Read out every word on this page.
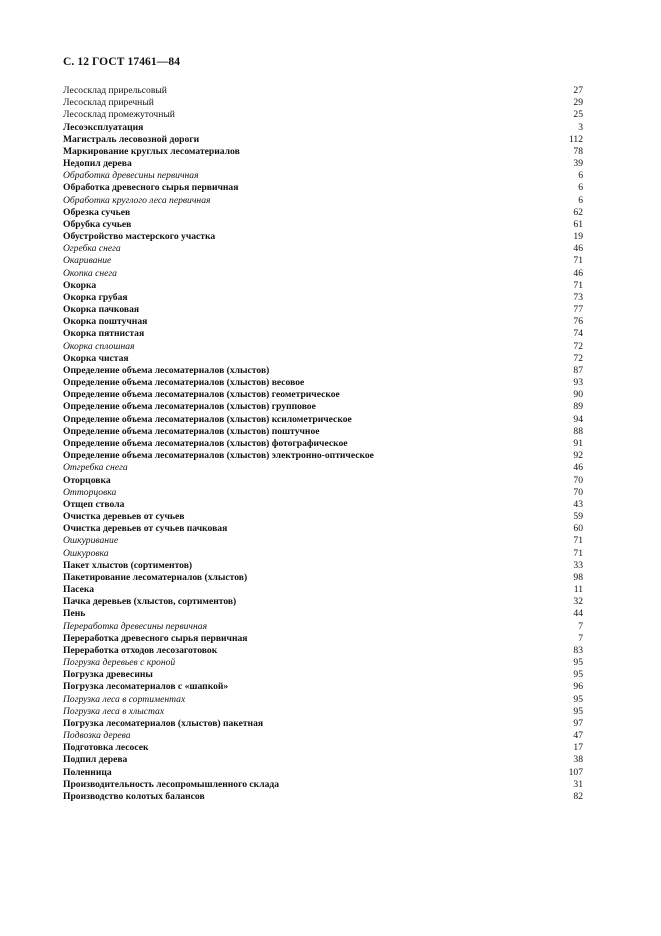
С. 12 ГОСТ 17461—84
Лесосклад прирельсовый	27
Лесосклад приречный	29
Лесосклад промежуточный	25
Лесоэксплуатация	3
Магистраль лесовозной дороги	112
Маркирование круглых лесоматериалов	78
Недопил дерева	39
Обработка древесины первичная	6
Обработка древесного сырья первичная	6
Обработка круглого леса первичная	6
Обрезка сучьев	62
Обрубка сучьев	61
Обустройство мастерского участка	19
Огребка снега	46
Окаривание	71
Окопка снега	46
Окорка	71
Окорка грубая	73
Окорка пачковая	77
Окорка поштучная	76
Окорка пятнистая	74
Окорка сплошная	72
Окорка чистая	72
Определение объема лесоматериалов (хлыстов)	87
Определение объема лесоматериалов (хлыстов) весовое	93
Определение объема лесоматериалов (хлыстов) геометрическое	90
Определение объема лесоматериалов (хлыстов) групповое	89
Определение объема лесоматериалов (хлыстов) ксилометрическое	94
Определение объема лесоматериалов (хлыстов) поштучное	88
Определение объема лесоматериалов (хлыстов) фотографическое	91
Определение объема лесоматериалов (хлыстов) электронно-оптическое	92
Отгребка снега	46
Оторцовка	70
Отторцовка	70
Отщеп ствола	43
Очистка деревьев от сучьев	59
Очистка деревьев от сучьев пачковая	60
Ошкуривание	71
Ошкуровка	71
Пакет хлыстов (сортиментов)	33
Пакетирование лесоматериалов (хлыстов)	98
Пасека	11
Пачка деревьев (хлыстов, сортиментов)	32
Пень	44
Переработка древесины первичная	7
Переработка древесного сырья первичная	7
Переработка отходов лесозаготовок	83
Погрузка деревьев с кроной	95
Погрузка древесины	95
Погрузка лесоматериалов с «шапкой»	96
Погрузка леса в сортиментах	95
Погрузка леса в хлыстах	95
Погрузка лесоматериалов (хлыстов) пакетная	97
Подвозка дерева	47
Подготовка лесосек	17
Подпил дерева	38
Поленница	107
Производительность лесопромышленного склада	31
Производство колотых балансов	82
